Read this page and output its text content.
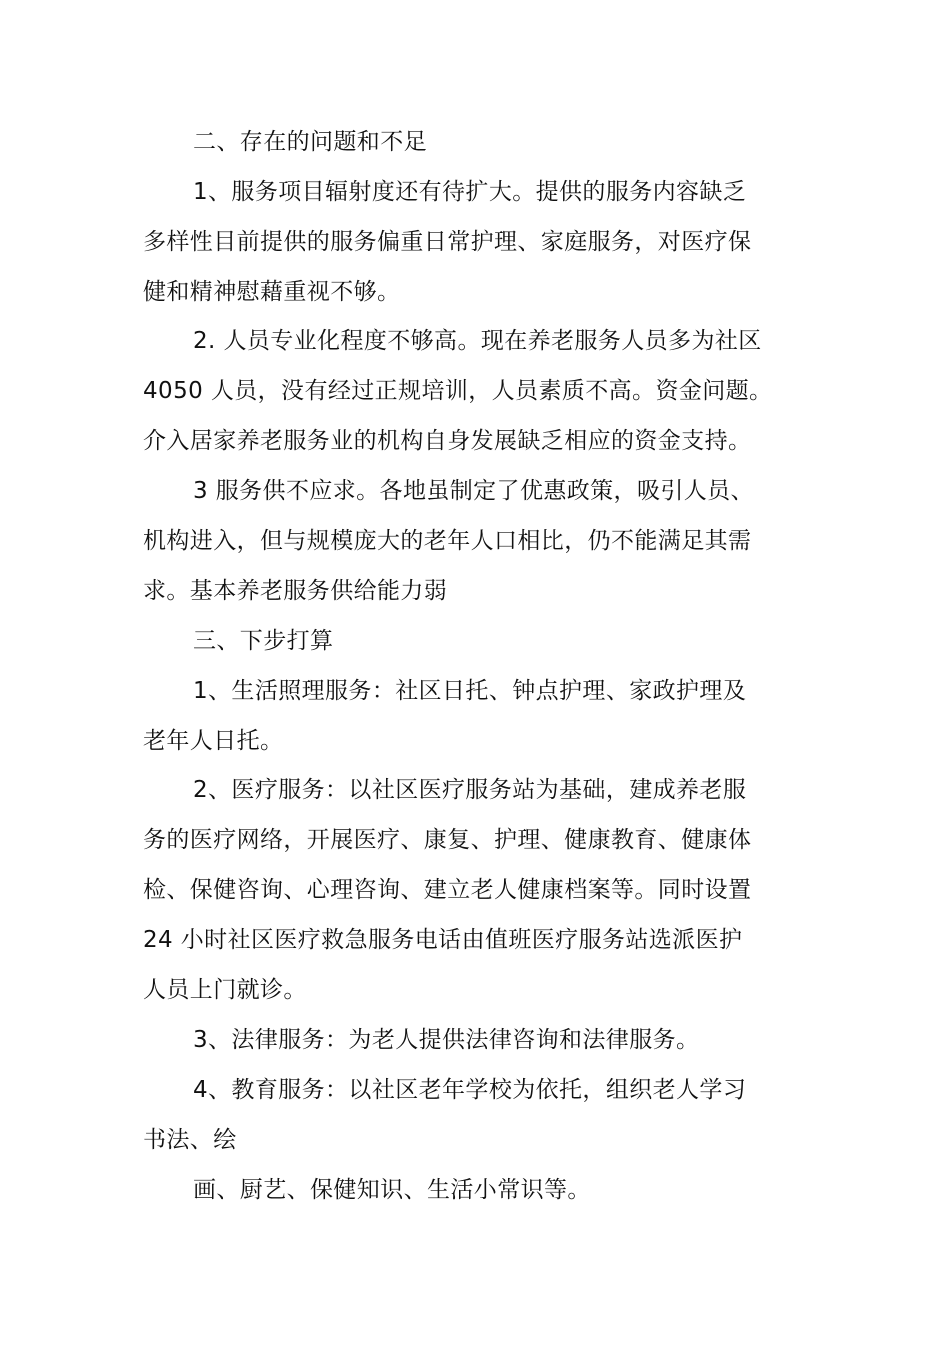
二、存在的问题和不足
1、服务项目辐射度还有待扩大。提供的服务内容缺乏
多样性目前提供的服务偏重日常护理、家庭服务，对医疗保
健和精神慰藉重视不够。
2. 人员专业化程度不够高。现在养老服务人员多为社区
4050 人员，没有经过正规培训，人员素质不高。资金问题。
介入居家养老服务业的机构自身发展缺乏相应的资金支持。
3 服务供不应求。各地虽制定了优惠政策，吸引人员、
机构进入，但与规模庞大的老年人口相比，仍不能满足其需
求。基本养老服务供给能力弱
三、下步打算
1、生活照理服务：社区日托、钟点护理、家政护理及
老年人日托。
2、医疗服务：以社区医疗服务站为基础，建成养老服
务的医疗网络，开展医疗、康复、护理、健康教育、健康体
检、保健咨询、心理咨询、建立老人健康档案等。同时设置
24 小时社区医疗救急服务电话由值班医疗服务站选派医护
人员上门就诊。
3、法律服务：为老人提供法律咨询和法律服务。
4、教育服务：以社区老年学校为依托，组织老人学习
书法、绘
画、厨艺、保健知识、生活小常识等。
